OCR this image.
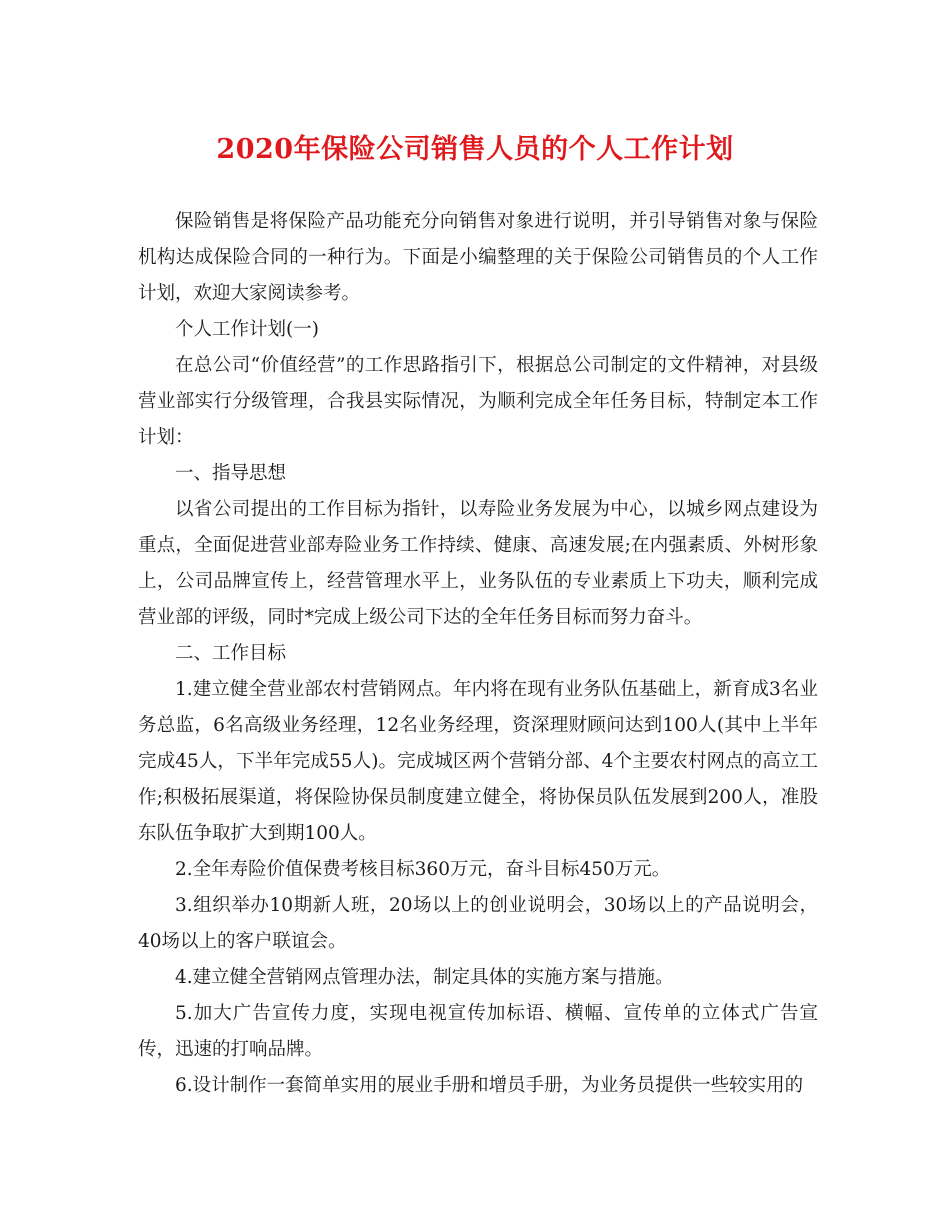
2020年保险公司销售人员的个人工作计划

保险销售是将保险产品功能充分向销售对象进行说明，并引导销售对象与保险机构达成保险合同的一种行为。下面是小编整理的关于保险公司销售员的个人工作计划，欢迎大家阅读参考。

个人工作计划(一)

在总公司“价值经营”的工作思路指引下，根据总公司制定的文件精神，对县级营业部实行分级管理，合我县实际情况，为顺利完成全年任务目标，特制定本工作计划：

一、指导思想

以省公司提出的工作目标为指针，以寿险业务发展为中心，以城乡网点建设为重点，全面促进营业部寿险业务工作持续、健康、高速发展;在内强素质、外树形象上，公司品牌宣传上，经营管理水平上，业务队伍的专业素质上下功夫，顺利完成营业部的评级，同时*完成上级公司下达的全年任务目标而努力奋斗。

二、工作目标

1.建立健全营业部农村营销网点。年内将在现有业务队伍基础上，新育成3名业务总监，6名高级业务经理，12名业务经理，资深理财顾问达到100人(其中上半年完成45人，下半年完成55人)。完成城区两个营销分部、4个主要农村网点的高立工作;积极拓展渠道，将保险协保员制度建立健全，将协保员队伍发展到200人，准股东队伍争取扩大到期100人。

2.全年寿险价值保费考核目标360万元，奋斗目标450万元。

3.组织举办10期新人班，20场以上的创业说明会，30场以上的产品说明会，40场以上的客户联谊会。

4.建立健全营销网点管理办法，制定具体的实施方案与措施。

5.加大广告宣传力度，实现电视宣传加标语、横幅、宣传单的立体式广告宣传，迅速的打响品牌。

6.设计制作一套简单实用的展业手册和增员手册，为业务员提供一些较实用的
